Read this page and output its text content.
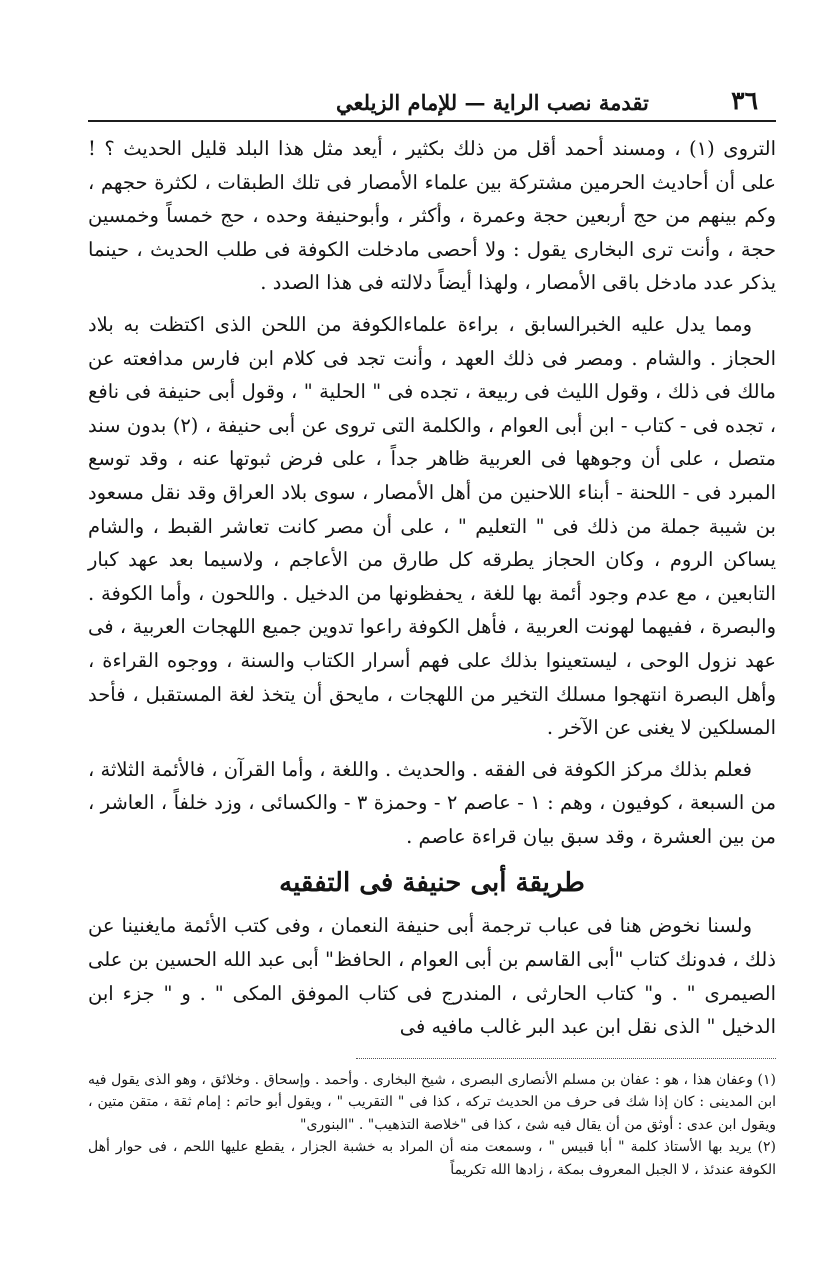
٣٦
تقدمة نصب الراية — للإمام الزيلعي

التروى (١) ، ومسند أحمد أقل من ذلك بكثير ، أيعد مثل هذا البلد قليل الحديث ؟ ! على أن أحاديث الحرمين مشتركة بين علماء الأمصار فى تلك الطبقات ، لكثرة حجهم ، وكم بينهم من حج أربعين حجة وعمرة ، وأكثر ، وأبوحنيفة وحده ، حج خمساً وخمسين حجة ، وأنت ترى البخارى يقول : ولا أحصى مادخلت الكوفة فى طلب الحديث ، حينما يذكر عدد مادخل باقى الأمصار ، ولهذا أيضاً دلالته فى هذا الصدد .

ومما يدل عليه الخبرالسابق ، براءة علماءالكوفة من اللحن الذى اكتظت به بلاد الحجاز . والشام . ومصر فى ذلك العهد ، وأنت تجد فى كلام ابن فارس مدافعته عن مالك فى ذلك ، وقول الليث فى ربيعة ، تجده فى " الحلية " ، وقول أبى حنيفة فى نافع ، تجده فى - كتاب - ابن أبى العوام ، والكلمة التى تروى عن أبى حنيفة ، (٢) بدون سند متصل ، على أن وجوهها فى العربية ظاهر جداً ، على فرض ثبوتها عنه ، وقد توسع المبرد فى - اللحنة - أبناء اللاحنين من أهل الأمصار ، سوى بلاد العراق وقد نقل مسعود بن شيبة جملة من ذلك فى " التعليم " ، على أن مصر كانت تعاشر القبط ، والشام يساكن الروم ، وكان الحجاز يطرقه كل طارق من الأعاجم ، ولاسيما بعد عهد كبار التابعين ، مع عدم وجود أئمة بها للغة ، يحفظونها من الدخيل . واللحون ، وأما الكوفة . والبصرة ، ففيهما لهونت العربية ، فأهل الكوفة راعوا تدوين جميع اللهجات العربية ، فى عهد نزول الوحى ، ليستعينوا بذلك على فهم أسرار الكتاب والسنة ، ووجوه القراءة ، وأهل البصرة انتهجوا مسلك التخير من اللهجات ، مايحق أن يتخذ لغة المستقبل ، فأحد المسلكين لا يغنى عن الآخر .

فعلم بذلك مركز الكوفة فى الفقه . والحديث . واللغة ، وأما القرآن ، فالأئمة الثلاثة ، من السبعة ، كوفيون ، وهم : ١ - عاصم ٢ - وحمزة ٣ - والكسائى ، وزد خلفاً ، العاشر ، من بين العشرة ، وقد سبق بيان قراءة عاصم .

طريقة أبى حنيفة فى التفقيه

ولسنا نخوض هنا فى عباب ترجمة أبى حنيفة النعمان ، وفى كتب الأئمة مايغنينا عن ذلك ، فدونك كتاب "أبى القاسم بن أبى العوام ، الحافظ" أبى عبد الله الحسين بن على الصيمرى " . و" كتاب الحارثى ، المندرج فى كتاب الموفق المكى " . و " جزء ابن الدخيل " الذى نقل ابن عبد البر غالب مافيه فى

(١) وعفان هذا ، هو : عفان بن مسلم الأنصارى البصرى ، شيخ البخارى . وأحمد . وإسحاق . وخلائق ، وهو الذى يقول فيه ابن المدينى : كان إذا شك فى حرف من الحديث تركه ، كذا فى " التقريب " ، ويقول أبو حاتم : إمام ثقة ، متقن متين ، ويقول ابن عدى : أوثق من أن يقال فيه شئ ، كذا فى "خلاصة التذهيب" . "البنورى"

(٢) يريد بها الأستاذ كلمة " أبا قبيس " ، وسمعت منه أن المراد به خشبة الجزار ، يقطع عليها اللحم ، فى حوار أهل الكوفة عندئذ ، لا الجبل المعروف بمكة ، زادها الله تكريماً
